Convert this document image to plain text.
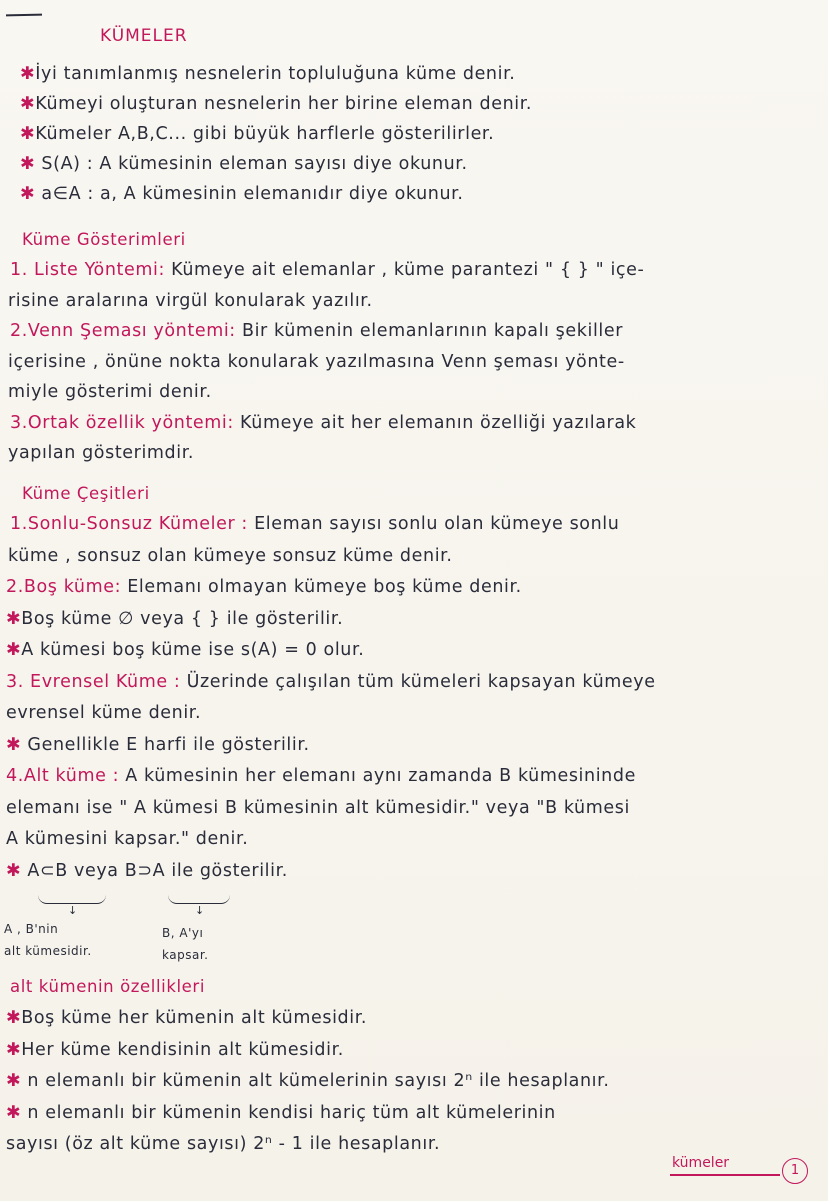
KÜMELER
✱İyi tanımlanmış nesnelerin topluluğuna küme denir.
✱Kümeyi oluşturan nesnelerin her birine eleman denir.
✱Kümeler A,B,C... gibi büyük harflerle gösterilirler.
✱ S(A) : A kümesinin eleman sayısı diye okunur.
✱ a∈A : a, A kümesinin elemanıdır diye okunur.
Küme Gösterimleri
1. Liste Yöntemi: Kümeye ait elemanlar , küme parantezi " { } " içe-
risine aralarına virgül konularak yazılır.
2.Venn Şeması yöntemi: Bir kümenin elemanlarının kapalı şekiller
içerisine , önüne nokta konularak yazılmasına Venn şeması yönte-
miyle gösterimi denir.
3.Ortak özellik yöntemi: Kümeye ait her elemanın özelliği yazılarak
yapılan gösterimdir.
Küme Çeşitleri
1.Sonlu-Sonsuz Kümeler : Eleman sayısı sonlu olan kümeye sonlu
küme , sonsuz olan kümeye sonsuz küme denir.
2.Boş küme: Elemanı olmayan kümeye boş küme denir.
✱Boş küme ∅ veya { } ile gösterilir.
✱A kümesi boş küme ise s(A) = 0 olur.
3. Evrensel Küme : Üzerinde çalışılan tüm kümeleri kapsayan kümeye
evrensel küme denir.
✱ Genellikle E harfi ile gösterilir.
4.Alt küme : A kümesinin her elemanı aynı zamanda B kümesininde
elemanı ise " A kümesi B kümesinin alt kümesidir." veya "B kümesi
A kümesini kapsar." denir.
✱ A⊂B veya B⊃A ile gösterilir.
↓	↓
A , B'nin
alt kümesidir.
B, A'yı
kapsar.
alt kümenin özellikleri
✱Boş küme her kümenin alt kümesidir.
✱Her küme kendisinin alt kümesidir.
✱ n elemanlı bir kümenin alt kümelerinin sayısı 2ⁿ ile hesaplanır.
✱ n elemanlı bir kümenin kendisi hariç tüm alt kümelerinin
sayısı (öz alt küme sayısı) 2ⁿ - 1 ile hesaplanır.
kümeler	1
